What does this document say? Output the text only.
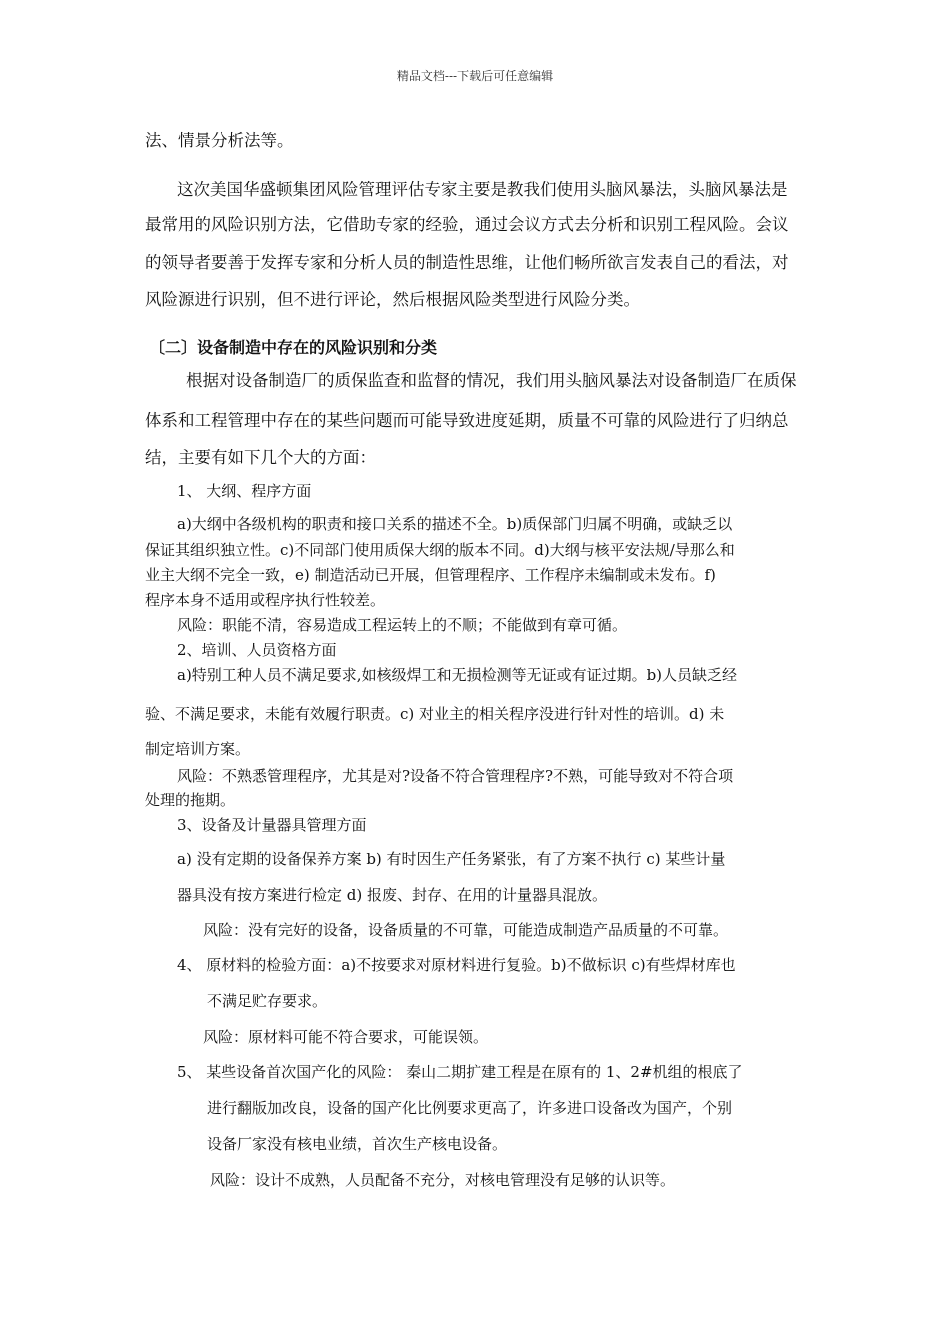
精品文档---下载后可任意编辑
法、情景分析法等。
这次美国华盛顿集团风险管理评估专家主要是教我们使用头脑风暴法，头脑风暴法是
最常用的风险识别方法，它借助专家的经验，通过会议方式去分析和识别工程风险。会议
的领导者要善于发挥专家和分析人员的制造性思维，让他们畅所欲言发表自己的看法，对
风险源进行识别，但不进行评论，然后根据风险类型进行风险分类。
〔二〕设备制造中存在的风险识别和分类
根据对设备制造厂的质保监查和监督的情况，我们用头脑风暴法对设备制造厂在质保
体系和工程管理中存在的某些问题而可能导致进度延期，质量不可靠的风险进行了归纳总
结，主要有如下几个大的方面：
1、 大纲、程序方面
a)大纲中各级机构的职责和接口关系的描述不全。b)质保部门归属不明确，或缺乏以
保证其组织独立性。c)不同部门使用质保大纲的版本不同。d)大纲与核平安法规/导那么和
业主大纲不完全一致，e) 制造活动已开展，但管理程序、工作程序未编制或未发布。f)
程序本身不适用或程序执行性较差。
风险：职能不清，容易造成工程运转上的不顺；不能做到有章可循。
2、培训、人员资格方面
a)特别工种人员不满足要求,如核级焊工和无损检测等无证或有证过期。b)人员缺乏经
验、不满足要求，未能有效履行职责。c) 对业主的相关程序没进行针对性的培训。d) 未
制定培训方案。
风险：不熟悉管理程序，尤其是对?设备不符合管理程序?不熟，可能导致对不符合项
处理的拖期。
3、设备及计量器具管理方面
a) 没有定期的设备保养方案 b) 有时因生产任务紧张，有了方案不执行 c) 某些计量
器具没有按方案进行检定 d) 报废、封存、在用的计量器具混放。
风险：没有完好的设备，设备质量的不可靠，可能造成制造产品质量的不可靠。
4、 原材料的检验方面：a)不按要求对原材料进行复验。b)不做标识 c)有些焊材库也
不满足贮存要求。
风险：原材料可能不符合要求，可能误领。
5、 某些设备首次国产化的风险： 秦山二期扩建工程是在原有的 1、2#机组的根底了
进行翻版加改良，设备的国产化比例要求更高了，许多进口设备改为国产，个别
设备厂家没有核电业绩，首次生产核电设备。
风险：设计不成熟，人员配备不充分，对核电管理没有足够的认识等。
